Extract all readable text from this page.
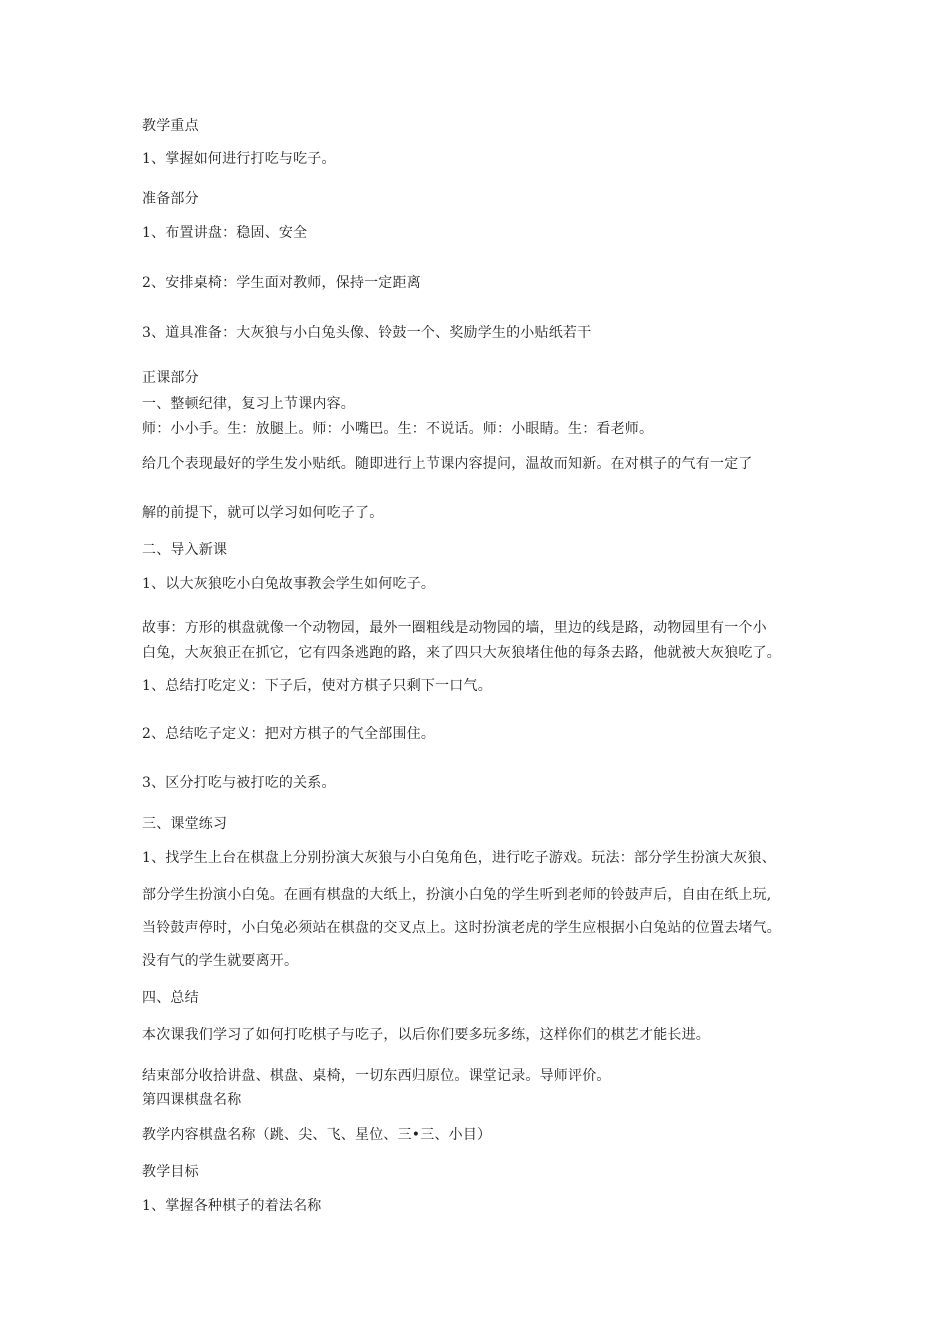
教学重点
1、掌握如何进行打吃与吃子。
准备部分
1、布置讲盘：稳固、安全
2、安排桌椅：学生面对教师，保持一定距离
3、道具准备：大灰狼与小白兔头像、铃鼓一个、奖励学生的小贴纸若干
正课部分
一、整顿纪律，复习上节课内容。
师：小小手。生：放腿上。师：小嘴巴。生：不说话。师：小眼睛。生：看老师。
给几个表现最好的学生发小贴纸。随即进行上节课内容提问，温故而知新。在对棋子的气有一定了
解的前提下，就可以学习如何吃子了。
二、导入新课
1、以大灰狼吃小白兔故事教会学生如何吃子。
故事：方形的棋盘就像一个动物园，最外一圈粗线是动物园的墙，里边的线是路，动物园里有一个小
白兔，大灰狼正在抓它，它有四条逃跑的路，来了四只大灰狼堵住他的每条去路，他就被大灰狼吃了。
1、总结打吃定义：下子后，使对方棋子只剩下一口气。
2、总结吃子定义：把对方棋子的气全部围住。
3、区分打吃与被打吃的关系。
三、课堂练习
1、找学生上台在棋盘上分别扮演大灰狼与小白兔角色，进行吃子游戏。玩法：部分学生扮演大灰狼、
部分学生扮演小白兔。在画有棋盘的大纸上，扮演小白兔的学生听到老师的铃鼓声后，自由在纸上玩,
当铃鼓声停时，小白兔必须站在棋盘的交叉点上。这时扮演老虎的学生应根据小白兔站的位置去堵气。
没有气的学生就要离开。
四、总结
本次课我们学习了如何打吃棋子与吃子，以后你们要多玩多练，这样你们的棋艺才能长进。
结束部分收拾讲盘、棋盘、桌椅，一切东西归原位。课堂记录。导师评价。
第四课棋盘名称
教学内容棋盘名称（跳、尖、飞、星位、三•三、小目）
教学目标
1、掌握各种棋子的着法名称
